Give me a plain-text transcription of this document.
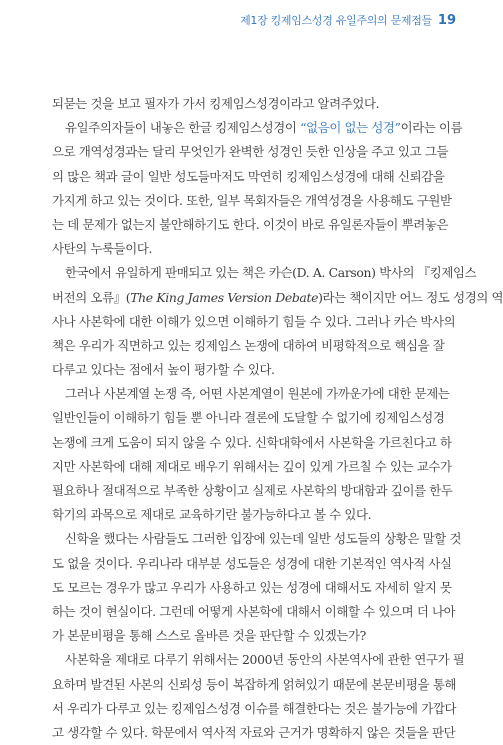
제1장 킹제임스성경 유일주의의 문제점들 19
되묻는 것을 보고 필자가 가서 킹제임스성경이라고 알려주었다.
유일주의자들이 내놓은 한글 킹제임스성경이 “없음이 없는 성경”이라는 이름
으로 개역성경과는 달리 무엇인가 완벽한 성경인 듯한 인상을 주고 있고 그들
의 많은 책과 글이 일반 성도들마저도 막연히 킹제임스성경에 대해 신뢰감을
가지게 하고 있는 것이다. 또한, 일부 목회자들은 개역성경을 사용해도 구원받
는 데 문제가 없는지 불안해하기도 한다. 이것이 바로 유일론자들이 뿌려놓은
사탄의 누룩들이다.
한국에서 유일하게 판매되고 있는 책은 카슨(D. A. Carson) 박사의 『킹제임스
버전의 오류』(The King James Version Debate)라는 책이지만 어느 정도 성경의 역
사나 사본학에 대한 이해가 있으면 이해하기 힘들 수 있다. 그러나 카슨 박사의
책은 우리가 직면하고 있는 킹제임스 논쟁에 대하여 비평학적으로 핵심을 잘
다루고 있다는 점에서 높이 평가할 수 있다.
그러나 사본계열 논쟁 즉, 어떤 사본계열이 원본에 가까운가에 대한 문제는
일반인들이 이해하기 힘들 뿐 아니라 결론에 도달할 수 없기에 킹제임스성경
논쟁에 크게 도움이 되지 않을 수 있다. 신학대학에서 사본학을 가르친다고 하
지만 사본학에 대해 제대로 배우기 위해서는 깊이 있게 가르칠 수 있는 교수가
필요하나 절대적으로 부족한 상황이고 실제로 사본학의 방대함과 깊이를 한두
학기의 과목으로 제대로 교육하기란 불가능하다고 볼 수 있다.
신학을 했다는 사람들도 그러한 입장에 있는데 일반 성도들의 상황은 말할 것
도 없을 것이다. 우리나라 대부분 성도들은 성경에 대한 기본적인 역사적 사실
도 모르는 경우가 많고 우리가 사용하고 있는 성경에 대해서도 자세히 알지 못
하는 것이 현실이다. 그런데 어떻게 사본학에 대해서 이해할 수 있으며 더 나아
가 본문비평을 통해 스스로 올바른 것을 판단할 수 있겠는가?
사본학을 제대로 다루기 위해서는 2000년 동안의 사본역사에 관한 연구가 필
요하며 발견된 사본의 신뢰성 등이 복잡하게 얽혀있기 때문에 본문비평을 통해
서 우리가 다루고 있는 킹제임스성경 이슈를 해결한다는 것은 불가능에 가깝다
고 생각할 수 있다. 학문에서 역사적 자료와 근거가 명확하지 않은 것들을 판단
